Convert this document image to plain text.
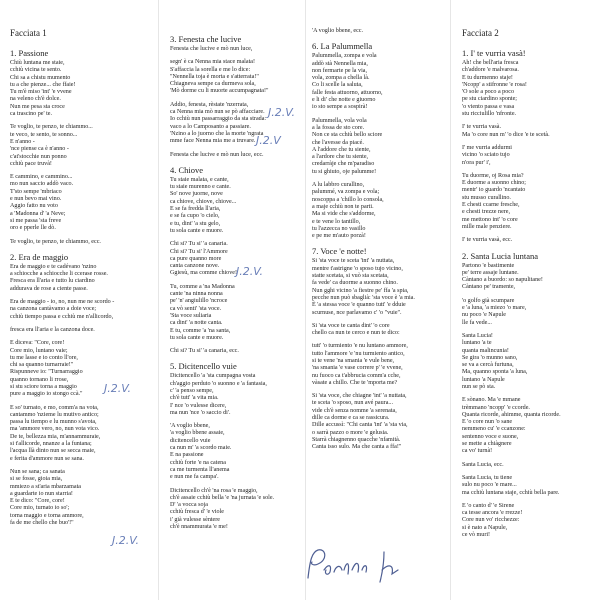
Facciata 1
1. Passione
Chiù luntana me staie,
cchiù vicina te sento.
Chi sa a chistu mumento
tu a che pienze... che ffaie!
Tu m'è miso 'int' 'e vvene
na veleno ch'è dolce.
Nun me pesa sta croce
ca trascino pe' te.
Te voglio, te penzo, te chiammo...
te veco, te sento, te sonno...
E n'anno -
'nce piense ca è n'anno -
c'at'stocchie nun ponno
cchiù pace truvà!
E cammino, e cammino...
mo nun saccio addò vaco.
T'sto sempe 'mbriaco
e nun bevo mai vino.
Aggio fatto nu voto
a 'Madonna d' 'a Neve;
si me passa 'sta freve
oro e pperle lle dò.
Te voglio, te penzo, te chiammo, ecc.
2. Era de maggio
Era de maggio e te cadévano 'nzino
a schiocche a schiocche li ccerase rosse.
Fresca era ll'aria e tutto lu ciardino
addurava de rose a ciente passe.
Era de maggio - io, no, nun me ne scordo -
na canzona cantàvamo a doie voce;
cchiù tiempo passa e cchiù me n'allicordo,
fresca era ll'aria e la canzona doce.
E diceva: "Core, core!
Core mio, luntano vaie;
tu me lasse e io conto ll'ore,
chi sa quanno turnarraie!"
Rispunneve io: "Turnarraggio
quanno tornano li rrose,
si stu sciore torna a maggio
pure a maggio io stongo ccà."
E so' turnato, e mo, comm'a na vota,
cantammo 'nzieme lu mutivo antico;
passa lu tiempo e lu munno s'avota,
ma 'ammore vero, no, nun vota vico.
De te, bellezza mia, m'annammuraie,
si t'allicorde, nnanze a la funtana;
l'acqua llà dinto nun se secca maie,
e ferita d'ammore nun se sana.
Nun se sana; ca sanata
si se fosse, gioia mia,
mmiezo a st'aria mbarzamata
a guardarte io nun starria!
E te dico: "Core, core!
Core mio, turnato io so';
torna maggio e torna ammore,
fa de me chello che buo'!"
3. Fenesta che lucive
Fenesta che lucive e mò nun luce,
segn' è ca Nenna mia stace malata!
S'affaccia la sorella e me lo dice:
"Nennella toja è morta e s'atterrata!"
Chiagneva sempe ca durmeva sola,
'Mò dorme cu li muorte accumpagnata!"
Addio, fenesta, rèstate 'nzerrata,
ca Nenna mia mò nun se pò affacciare.
Io cchiù nun passarraggio da sta strada:
vaco a lo Camposanto a passiare.
'Nzino a lo juorno che la morte 'ngrata
mme face Nenna mia me a truvare.
Fenesta che lucive e mò nun luce, ecc.
4. Chiove
Tu staie malata, e cante,
tu staie murenno e cante.
So' nove juorne, nove
ca chiove, chiove, chiove...
E se fa fredda ll'aria,
e se fa cupo 'o cielo,
e tu, dint' 'a stu gelo,
tu sola cante e muore.
Chi si? Tu si' 'a canaria.
Chi si? Tu si' l'Ammore
ca pure quanno more
canta canzone nove.
Ggiesù, ma comme chiove!
Tu, comme a 'na Madonna
cante 'na ninna nonna
pe' 'n' angiulillo 'ncroce
ca vò senti' 'sta voce.
'Sta voce suliaria
ca dint' 'a notte canta.
E tu, comme 'a 'na santa,
tu sola cante e muore.
Chi si? Tu si' 'a canaria, ecc.
5. Dicitencello vuie
Dicitencello 'a 'sta cumpagna vosta
ch'aggio perduto 'o suonno e 'a fantasia,
c' 'a penso sempe,
ch'è tutt' 'a vita mia.
I' nce 'o vulesse dicere,
ma nun 'nce 'o saccio di'.
'A voglio bbene,
'a voglio bbene assaie,
dicitencello vuie
ca nun m' 'a scordo maie.
E na passione
cchiù forte 'e na catena
ca me turmenta ll'anema
e nun me fa campa'.
Dicitencello ch'è 'na rosa 'e maggio,
ch'è assaie cchiù bella 'e 'na jurnata 'e sole.
D' 'a vocca soja
cchiù fresca d' 'e viole
i' già vulesse sèntere
ch'è nnammurata 'e me!
'A voglio bbene, ecc.
6. La Palummella
Palummella, zompa e vola
addò stà Nennella mia,
non fermarte pe la via,
vola, zompa a chella là.
Co li scelle la saluta,
falle festa attuorno, attuorno,
e li di' che notte e giuorno
io sto sempe a sospirà!
Palummella, vola vola
a la fossa de sto core.
Non ce sta cchiù bello sciore
che l'avesse da piacé.
A l'addore che tu siente,
a l'ardore che tu siente,
credarràje che m'paradiso
tu si ghiuto, oje palumme!
A lu labbro curallino,
palummé, va zompa e vola;
noscoppa a 'chillo lo consola,
a maje cchiù non te parti.
Ma si vide che s'addorme,
e te vene lo tantillo,
tu l'azzecca no vasillo
e pe me m'auto porzà!
7. Voce 'e notte!
Si 'sta voce te sceta 'int' 'a nuttata,
mentre t'astrigne 'o sposo tujo vicino,
statte scetata, si vuò sta scetata,
fa vede' ca duorme a suonno chino.
Nun gghi vicino 'a fiestre pe' ffa 'a spia,
pecche nun può sbaglià: 'sta voce è 'a mia.
È 'a stessa voce 'e quanno tutt' 'e dduie
scurnuse, nce parlavamo c' 'o "vuie".
Si 'sta voce te canta dint' 'o core
chello ca nun te cerco e nun te dico:
tutt' 'o turmiento 'e nu luntano ammore,
tutto l'ammore 'e 'nu turmiento antico,
si te vene 'na smania 'e vule bene,
'na smania 'e vase correre p' 'e vvene,
nu fuoco ca t'abbrucia comm'a cche,
vàsate a chillo. Che te 'mporta me?
Si 'sta voce, che chiagne 'int' 'a nuttata,
te sceta 'o sposo, nun avé paura...
vide ch'è senza nomme 'a serenata,
dille ca dorme e ca se rassicura.
Dille accussì: "Chi canta 'int' 'a 'sta via,
o sarrà pazzo o more 'e gelusia.
Starrà chiagnenno quacche 'nfamità.
Canta isso sulo. Ma che canta a ffa!"
Facciata 2
1. I' te vurria vasà!
Ah! che bell'aria fresca
ch'addore 'e malvarosa.
E tu durmenno staje!
'Ncopp' a stifronne 'e rosa!
'O sole a poco a poco
pe stu ciardino sponte;
'o viento passa e vasa
stu ricciulillo 'nfronte.
I' te vurria vasà.
Ma 'o core nun m' 'o dice 'e te scetà.
I' me vurria addurmi
vicino 'o sciato tujo
n'ora pur' i',
Tu duorme, oj Rosa mia?
E duorme a suonno chino;
mentr' io guardo 'ncantato
stu musso curallino.
E chesti ccarne fresche,
e chesti trezze nere,
me mettono int' 'o core
mille male penziere.
I' te vurria vasà, ecc.
2. Santa Lucia luntana
Partono 'e bastimente
pe' terre assaje luntane.
Càntano a buordo: so napulitane!
Càntano pe' tramente,
'o golfo già scumpare
e 'a luna, 'a miezo 'o mare,
nu poco 'e Napule
lle fa vede...
Santa Lucia!
luntano 'a te
quanta malincunia!
Se gira 'o munno sano,
se va a cercà furtuna,
Ma, quanno sponta 'a luna,
luntano 'a Napule
nun se pò sta.
E sònano. Ma 'e mmane
trèmmano 'ncopp' 'e ccorde.
Quanta ricorde, ahimme, quanta ricorde.
E 'o core nun 'o sane
nemmeno cu' 'e ccanzone:
sentenno voce e suone,
se mette a chiàgnere
ca vo' turnà!
Santa Lucia, ecc.
Santa Lucia, tu tiene
sulo nu poco 'e mare...
ma cchiù luntana staje, cchiù bella pare.
E 'o canto d' 'e Sirene
ca tesse ancora 'e rrezze!
Core nun vo' ricchezze:
si è nato a Napule,
ce vò muri!
J.2.V.
J.2.V
J.2.V.
J.2.V.
J.2.V.
